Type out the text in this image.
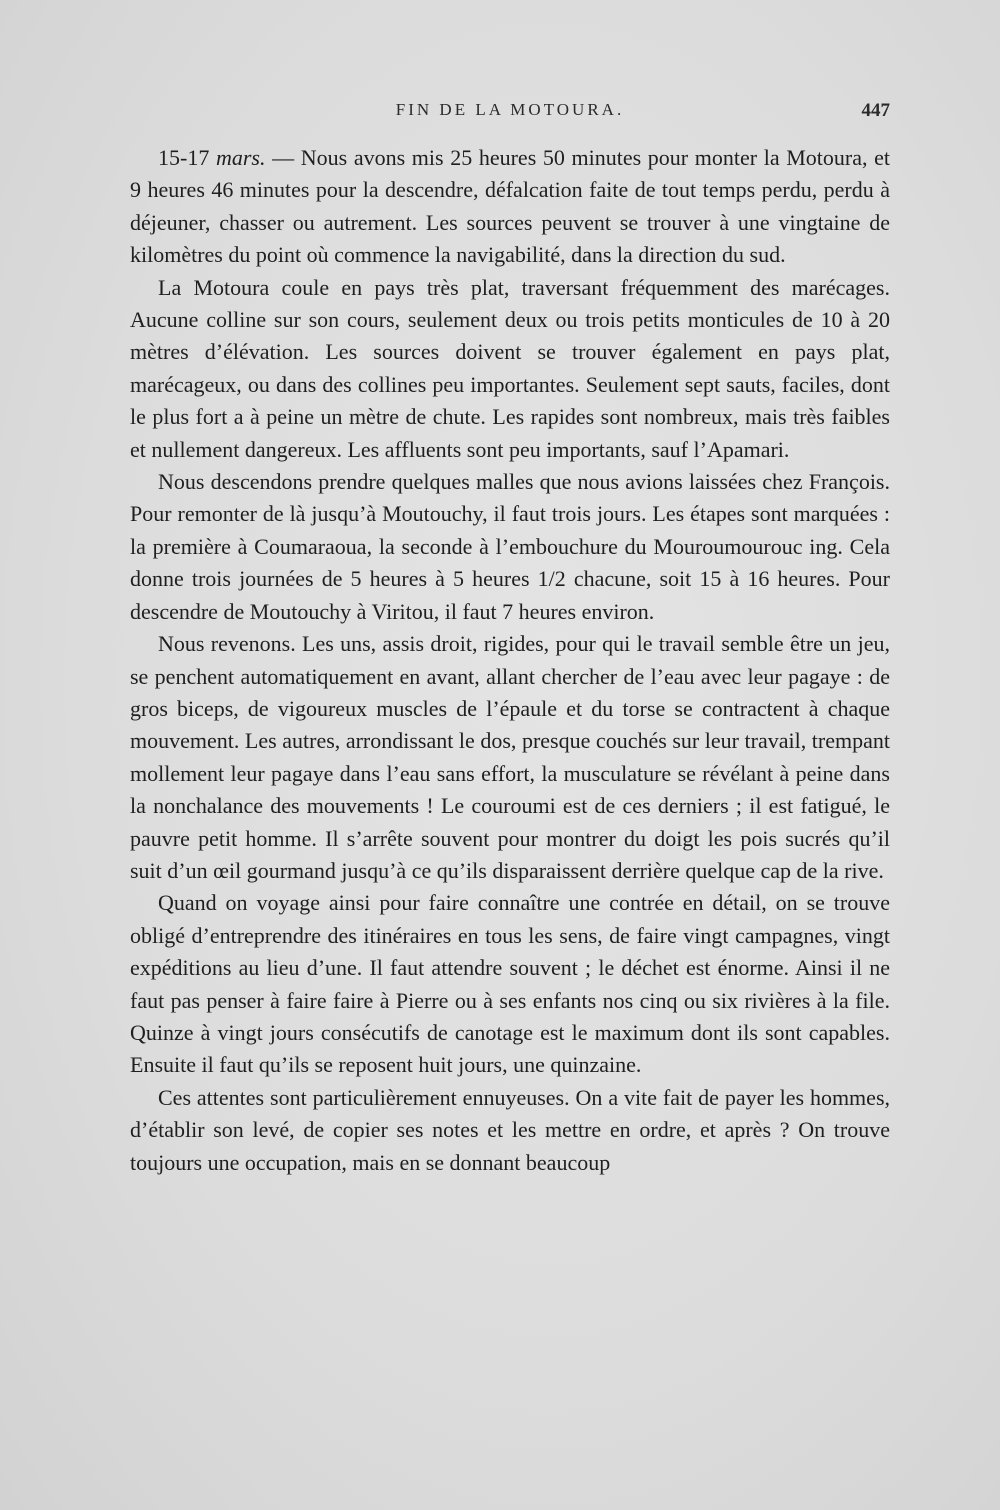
FIN DE LA MOTOURA.	447

15-17 mars. — Nous avons mis 25 heures 50 minutes pour monter la Motoura, et 9 heures 46 minutes pour la descendre, défalcation faite de tout temps perdu, perdu à déjeuner, chasser ou autrement. Les sources peuvent se trouver à une vingtaine de kilomètres du point où commence la navigabilité, dans la direction du sud.

La Motoura coule en pays très plat, traversant fréquemment des marécages. Aucune colline sur son cours, seulement deux ou trois petits monticules de 10 à 20 mètres d’élévation. Les sources doivent se trouver également en pays plat, marécageux, ou dans des collines peu importantes. Seulement sept sauts, faciles, dont le plus fort a à peine un mètre de chute. Les rapides sont nombreux, mais très faibles et nullement dangereux. Les affluents sont peu importants, sauf l’Apamari.

Nous descendons prendre quelques malles que nous avions laissées chez François. Pour remonter de là jusqu’à Moutouchy, il faut trois jours. Les étapes sont marquées : la première à Coumaraoua, la seconde à l’embouchure du Mouroumourouc ing. Cela donne trois journées de 5 heures à 5 heures 1/2 chacune, soit 15 à 16 heures. Pour descendre de Moutouchy à Viritou, il faut 7 heures environ.

Nous revenons. Les uns, assis droit, rigides, pour qui le travail semble être un jeu, se penchent automatiquement en avant, allant chercher de l’eau avec leur pagaye : de gros biceps, de vigoureux muscles de l’épaule et du torse se contractent à chaque mouvement. Les autres, arrondissant le dos, presque couchés sur leur travail, trempant mollement leur pagaye dans l’eau sans effort, la musculature se révélant à peine dans la nonchalance des mouvements ! Le couroumi est de ces derniers ; il est fatigué, le pauvre petit homme. Il s’arrête souvent pour montrer du doigt les pois sucrés qu’il suit d’un œil gourmand jusqu’à ce qu’ils disparaissent derrière quelque cap de la rive.

Quand on voyage ainsi pour faire connaître une contrée en détail, on se trouve obligé d’entreprendre des itinéraires en tous les sens, de faire vingt campagnes, vingt expéditions au lieu d’une. Il faut attendre souvent ; le déchet est énorme. Ainsi il ne faut pas penser à faire faire à Pierre ou à ses enfants nos cinq ou six rivières à la file. Quinze à vingt jours consécutifs de canotage est le maximum dont ils sont capables. Ensuite il faut qu’ils se reposent huit jours, une quinzaine.

Ces attentes sont particulièrement ennuyeuses. On a vite fait de payer les hommes, d’établir son levé, de copier ses notes et les mettre en ordre, et après ? On trouve toujours une occupation, mais en se donnant beaucoup
